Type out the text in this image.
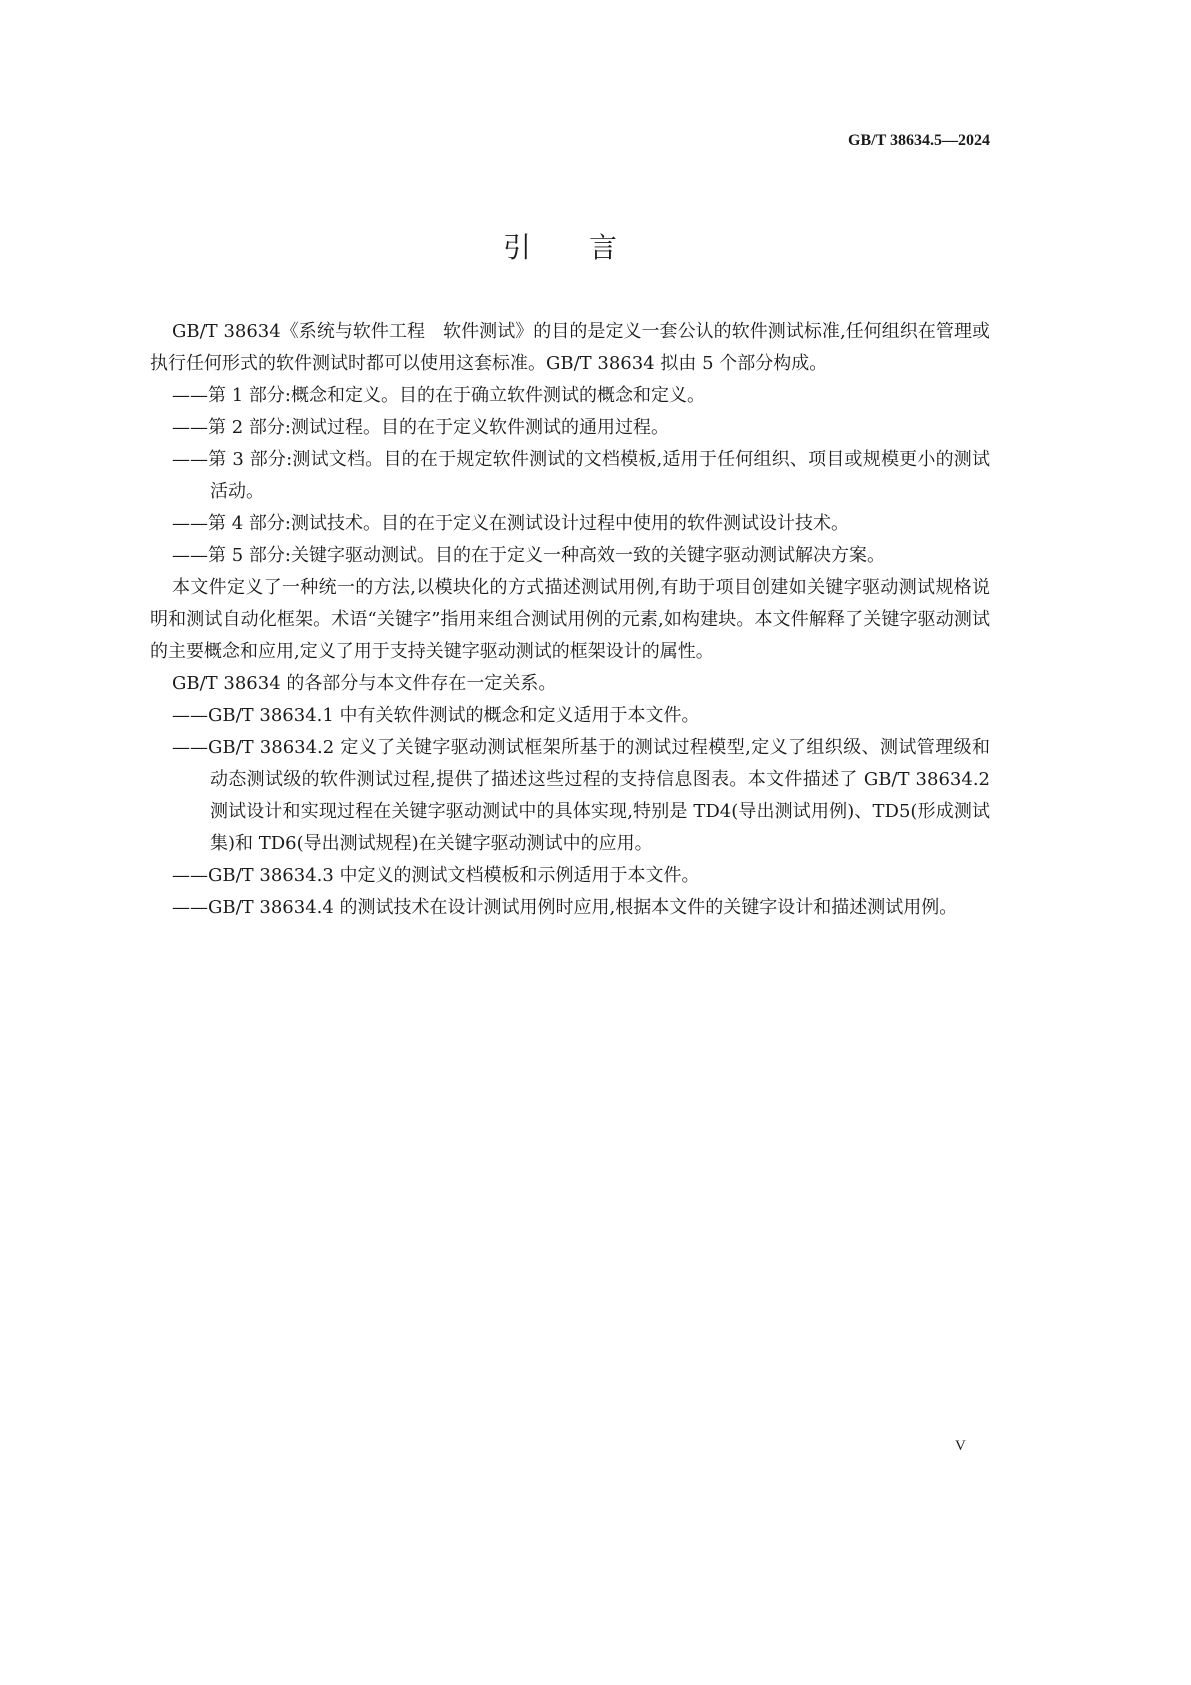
GB/T 38634.5—2024
引言

GB/T 38634《系统与软件工程　软件测试》的目的是定义一套公认的软件测试标准,任何组织在管理或执行任何形式的软件测试时都可以使用这套标准。GB/T 38634 拟由 5 个部分构成。

——第 1 部分:概念和定义。目的在于确立软件测试的概念和定义。

——第 2 部分:测试过程。目的在于定义软件测试的通用过程。

——第 3 部分:测试文档。目的在于规定软件测试的文档模板,适用于任何组织、项目或规模更小的测试活动。

——第 4 部分:测试技术。目的在于定义在测试设计过程中使用的软件测试设计技术。

——第 5 部分:关键字驱动测试。目的在于定义一种高效一致的关键字驱动测试解决方案。

本文件定义了一种统一的方法,以模块化的方式描述测试用例,有助于项目创建如关键字驱动测试规格说明和测试自动化框架。术语“关键字”指用来组合测试用例的元素,如构建块。本文件解释了关键字驱动测试的主要概念和应用,定义了用于支持关键字驱动测试的框架设计的属性。

GB/T 38634 的各部分与本文件存在一定关系。

——GB/T 38634.1 中有关软件测试的概念和定义适用于本文件。

——GB/T 38634.2 定义了关键字驱动测试框架所基于的测试过程模型,定义了组织级、测试管理级和动态测试级的软件测试过程,提供了描述这些过程的支持信息图表。本文件描述了 GB/T 38634.2测试设计和实现过程在关键字驱动测试中的具体实现,特别是 TD4(导出测试用例)、TD5(形成测试集)和 TD6(导出测试规程)在关键字驱动测试中的应用。

——GB/T 38634.3 中定义的测试文档模板和示例适用于本文件。

——GB/T 38634.4 的测试技术在设计测试用例时应用,根据本文件的关键字设计和描述测试用例。

V
